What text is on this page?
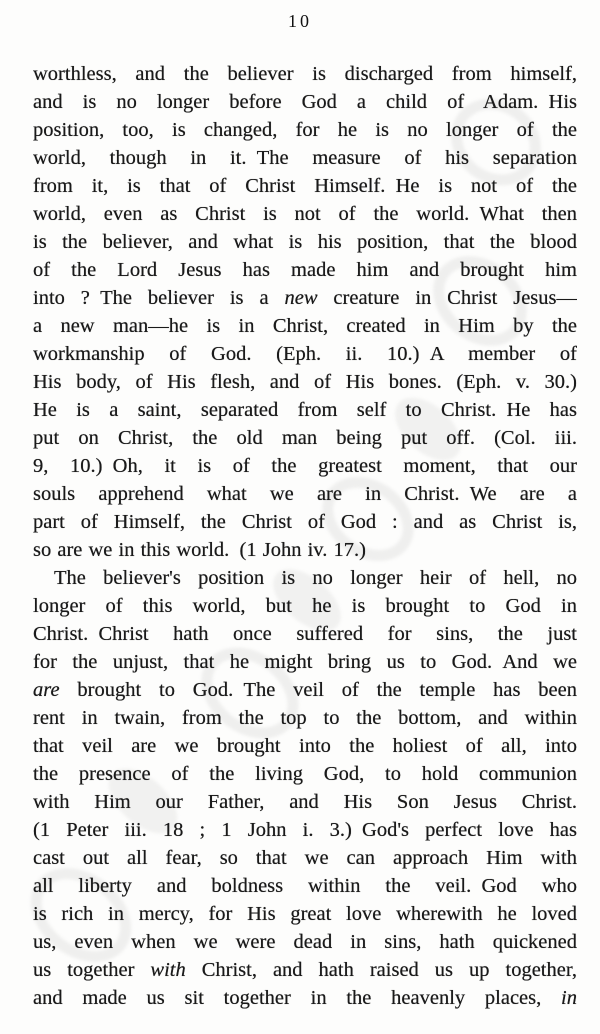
10
worthless, and the believer is discharged from himself,
and is no longer before God a child of Adam. His
position, too, is changed, for he is no longer of the
world, though in it. The measure of his separation
from it, is that of Christ Himself. He is not of the
world, even as Christ is not of the world. What then
is the believer, and what is his position, that the blood
of the Lord Jesus has made him and brought him
into ? The believer is a new creature in Christ Jesus—
a new man—he is in Christ, created in Him by the
workmanship of God. (Eph. ii. 10.) A member of
His body, of His flesh, and of His bones. (Eph. v. 30.)
He is a saint, separated from self to Christ. He has
put on Christ, the old man being put off. (Col. iii.
9, 10.) Oh, it is of the greatest moment, that our
souls apprehend what we are in Christ. We are a
part of Himself, the Christ of God : and as Christ is,
so are we in this world. (1 John iv. 17.)
The believer's position is no longer heir of hell, no
longer of this world, but he is brought to God in
Christ. Christ hath once suffered for sins, the just
for the unjust, that he might bring us to God. And we
are brought to God. The veil of the temple has been
rent in twain, from the top to the bottom, and within
that veil are we brought into the holiest of all, into
the presence of the living God, to hold communion
with Him our Father, and His Son Jesus Christ.
(1 Peter iii. 18 ; 1 John i. 3.) God's perfect love has
cast out all fear, so that we can approach Him with
all liberty and boldness within the veil. God who
is rich in mercy, for His great love wherewith he loved
us, even when we were dead in sins, hath quickened
us together with Christ, and hath raised us up together,
and made us sit together in the heavenly places, in
